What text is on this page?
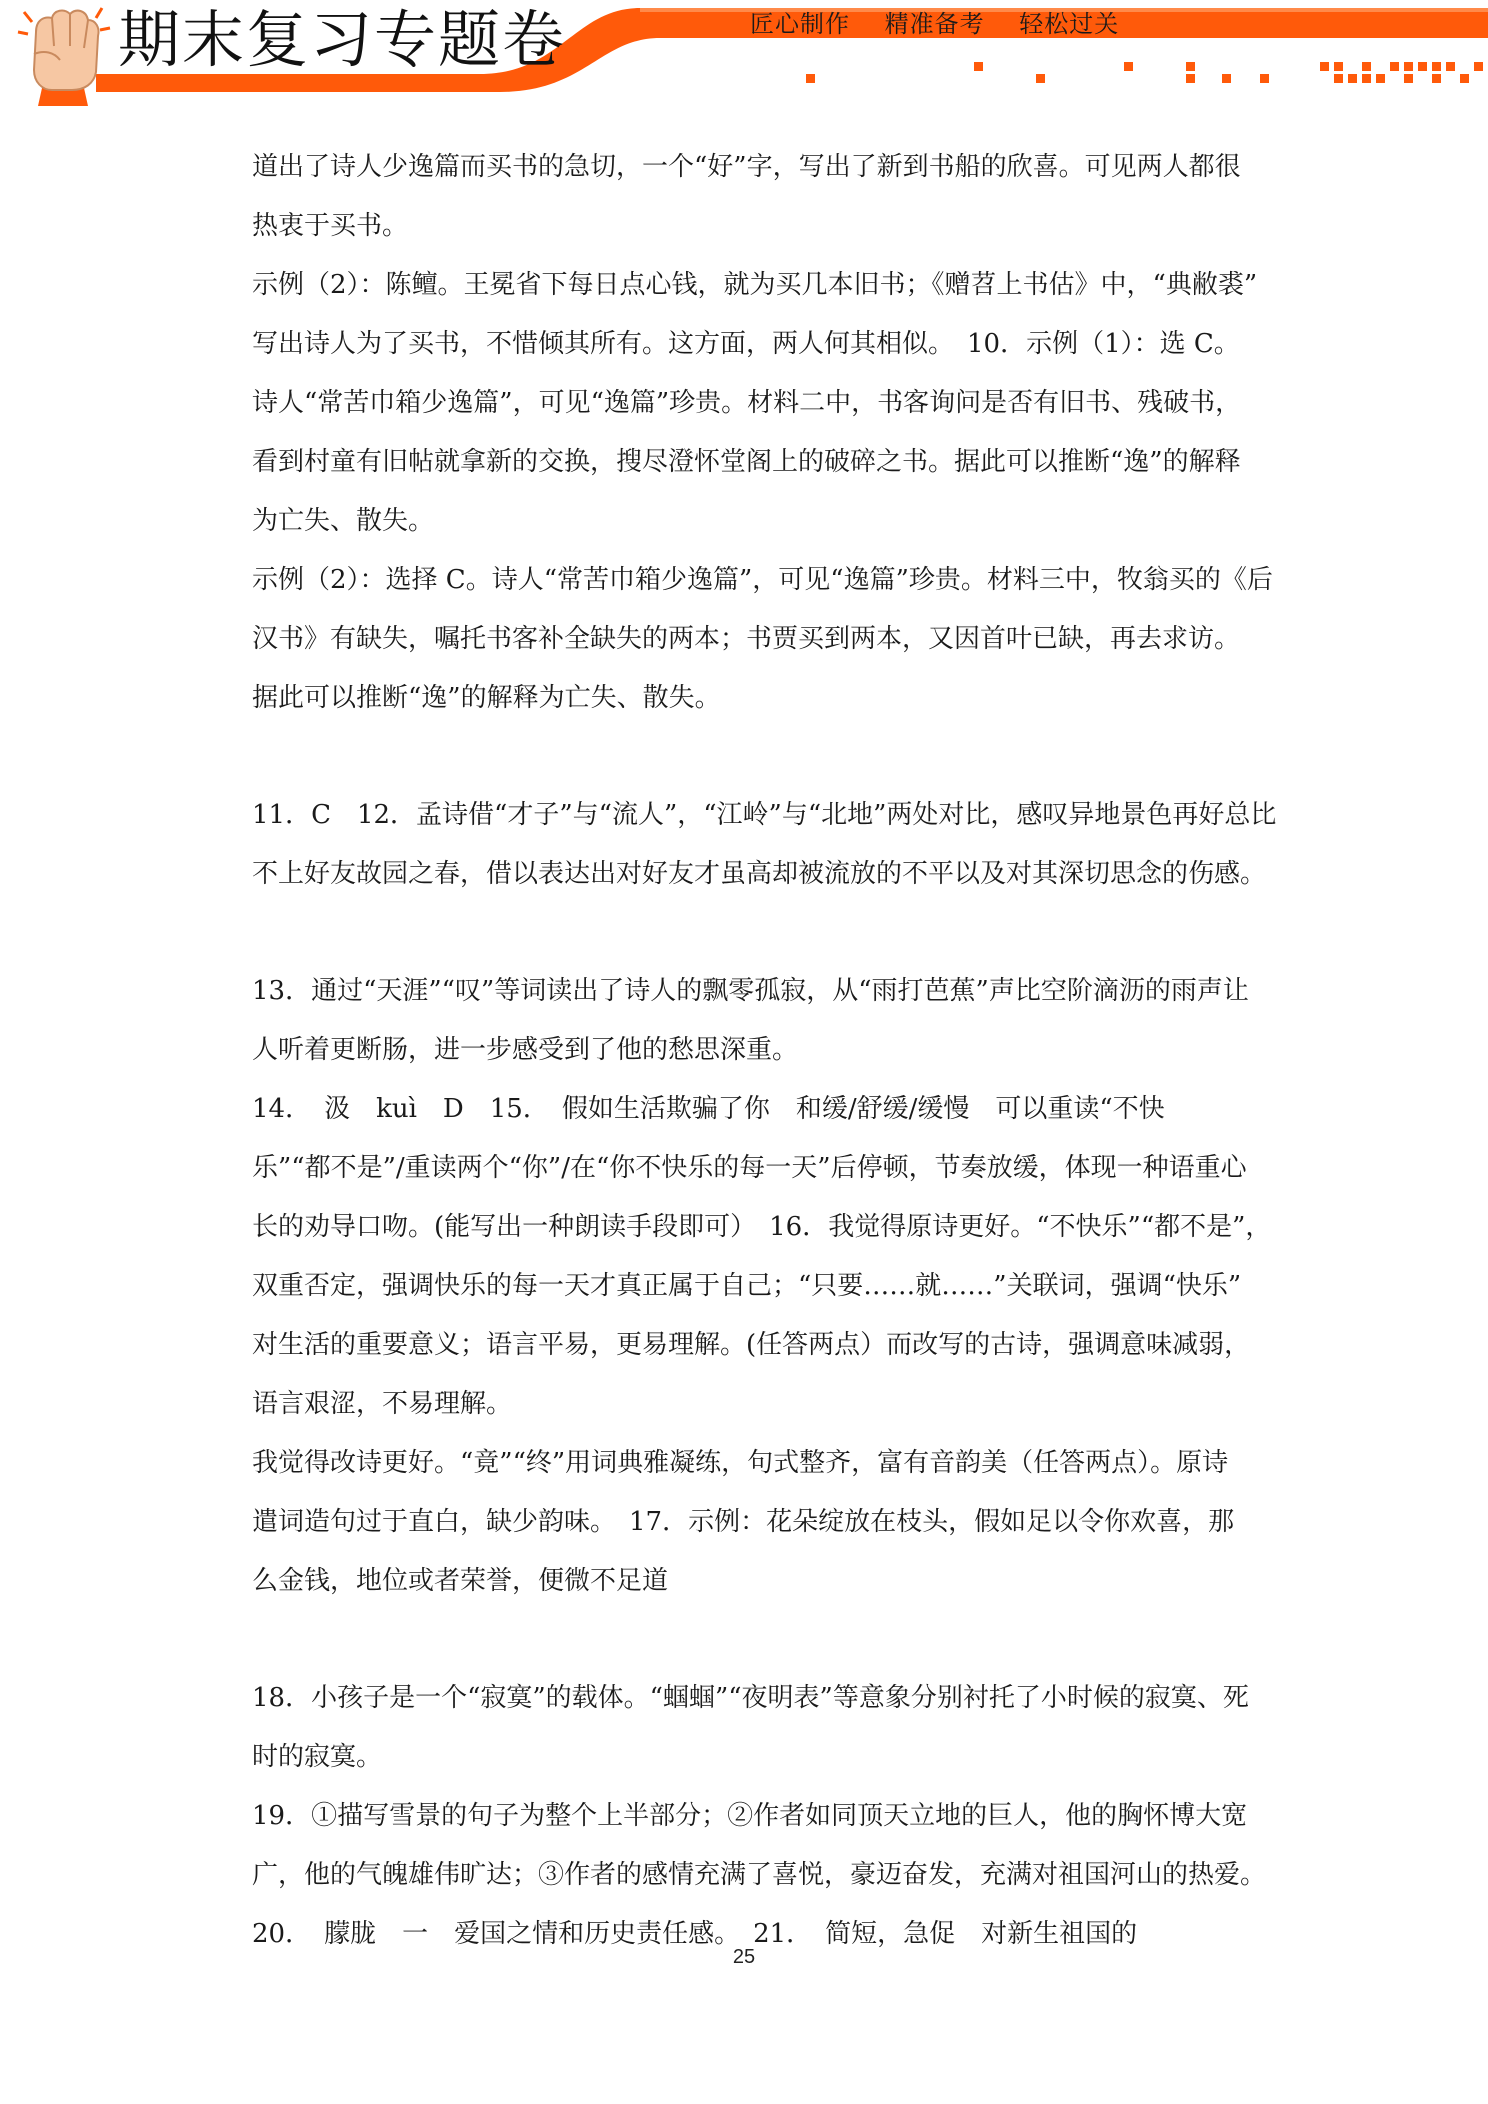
期末复习专题卷	匠心制作 精准备考 轻松过关

道出了诗人少逸篇而买书的急切，一个“好”字，写出了新到书船的欣喜。可见两人都很

热衷于买书。

示例（2）：陈鳣。王冕省下每日点心钱，就为买几本旧书；《赠苕上书估》中，“典敝裘”

写出诗人为了买书，不惜倾其所有。这方面，两人何其相似。　10．示例（1）：选 C。

诗人“常苦巾箱少逸篇”，可见“逸篇”珍贵。材料二中，书客询问是否有旧书、残破书，

看到村童有旧帖就拿新的交换，搜尽澄怀堂阁上的破碎之书。据此可以推断“逸”的解释

为亡失、散失。

示例（2）：选择 C。诗人“常苦巾箱少逸篇”，可见“逸篇”珍贵。材料三中，牧翁买的《后

汉书》有缺失，嘱托书客补全缺失的两本；书贾买到两本，又因首叶已缺，再去求访。

据此可以推断“逸”的解释为亡失、散失。

11．C　12．孟诗借“才子”与“流人”，“江岭”与“北地”两处对比，感叹异地景色再好总比

不上好友故园之春，借以表达出对好友才虽高却被流放的不平以及对其深切思念的伤感。

13．通过“天涯”“叹”等词读出了诗人的飘零孤寂，从“雨打芭蕉”声比空阶滴沥的雨声让

人听着更断肠，进一步感受到了他的愁思深重。

14．　汲　kuì　D　15．　假如生活欺骗了你　和缓/舒缓/缓慢　可以重读“不快

乐”“都不是”/重读两个“你”/在“你不快乐的每一天”后停顿，节奏放缓，体现一种语重心

长的劝导口吻。(能写出一种朗读手段即可）　16．我觉得原诗更好。“不快乐”“都不是”，

双重否定，强调快乐的每一天才真正属于自己；“只要……就……”关联词，强调“快乐”

对生活的重要意义；语言平易，更易理解。(任答两点）而改写的古诗，强调意味减弱，

语言艰涩，不易理解。

我觉得改诗更好。“竟”“终”用词典雅凝练，句式整齐，富有音韵美（任答两点）。原诗

遣词造句过于直白，缺少韵味。　17．示例：花朵绽放在枝头，假如足以令你欢喜，那

么金钱，地位或者荣誉，便微不足道

18．小孩子是一个“寂寞”的载体。“蝈蝈”“夜明表”等意象分别衬托了小时候的寂寞、死

时的寂寞。

19．①描写雪景的句子为整个上半部分；②作者如同顶天立地的巨人，他的胸怀博大宽

广，他的气魄雄伟旷达；③作者的感情充满了喜悦，豪迈奋发，充满对祖国河山的热爱。

20．　朦胧　一　爱国之情和历史责任感。　21．　简短，急促　对新生祖国的

25
